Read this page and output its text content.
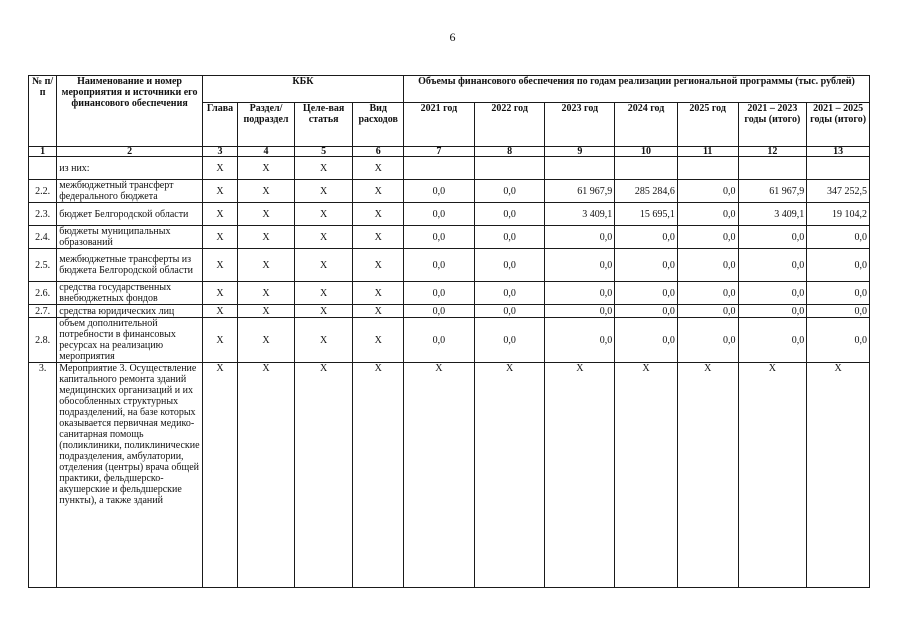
6
№ п/п	Наименование и номер мероприятия и источники его финансового обеспечения	КБК				Объемы финансового обеспечения по годам реализации региональной программы (тыс. рублей)						
		Глава	Раздел/ подраздел	Целе-вая статья	Вид расходов	2021 год	2022 год	2023 год	2024 год	2025 год	2021 – 2023 годы (итого)	2021 – 2025 годы (итого)
1	2	3	4	5	6	7	8	9	10	11	12	13
	из них:	Х	Х	Х	Х							
2.2.	межбюджетный трансферт федерального бюджета	Х	Х	Х	Х	0,0	0,0	61 967,9	285 284,6	0,0	61 967,9	347 252,5
2.3.	бюджет Белгородской области	Х	Х	Х	Х	0,0	0,0	3 409,1	15 695,1	0,0	3 409,1	19 104,2
2.4.	бюджеты муниципальных образований	Х	Х	Х	Х	0,0	0,0	0,0	0,0	0,0	0,0	0,0
2.5.	межбюджетные трансферты из бюджета Белгородской области	Х	Х	Х	Х	0,0	0,0	0,0	0,0	0,0	0,0	0,0
2.6.	средства государственных внебюджетных фондов	Х	Х	Х	Х	0,0	0,0	0,0	0,0	0,0	0,0	0,0
2.7.	средства юридических лиц	Х	Х	Х	Х	0,0	0,0	0,0	0,0	0,0	0,0	0,0
2.8.	объем дополнительной потребности в финансовых ресурсах на реализацию мероприятия	Х	Х	Х	Х	0,0	0,0	0,0	0,0	0,0	0,0	0,0
3.	Мероприятие 3. Осуществление капитального ремонта зданий медицинских организаций и их обособленных структурных подразделений, на базе которых оказывается первичная медико-санитарная помощь (поликлиники, поликлинические подразделения, амбулатории, отделения (центры) врача общей практики, фельдшерско-акушерские и фельдшерские пункты), а также зданий	Х	Х	Х	Х	Х	Х	Х	Х	Х	Х	Х
